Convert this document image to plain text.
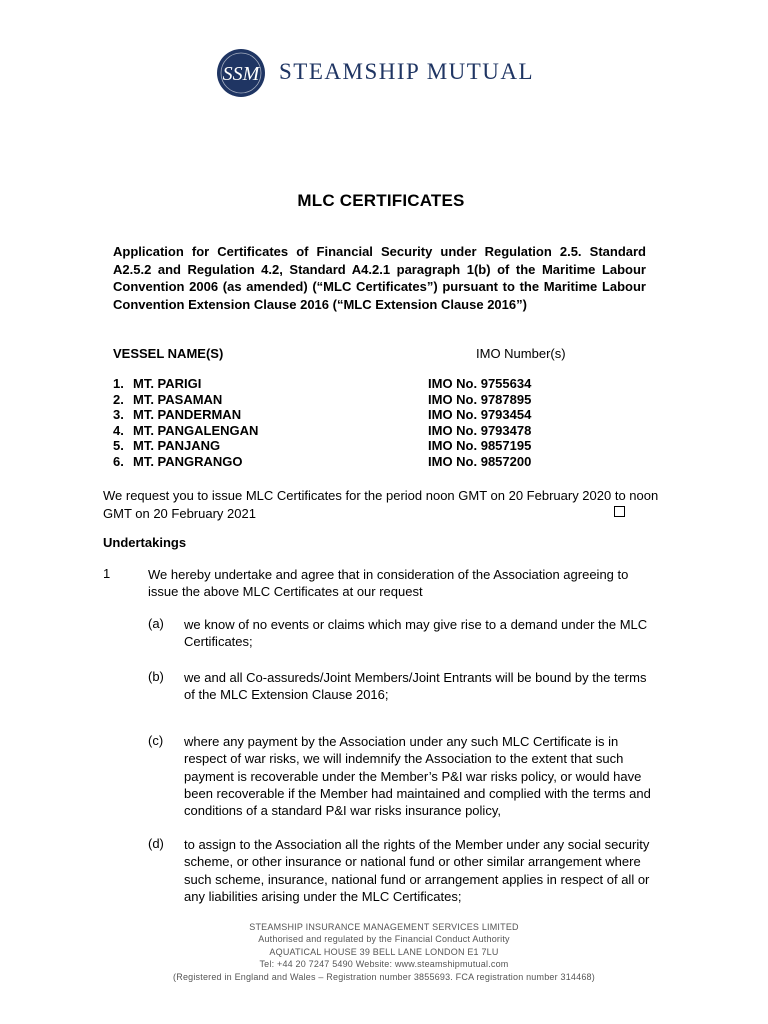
SSM STEAMSHIP MUTUAL
MLC CERTIFICATES

Application for Certificates of Financial Security under Regulation 2.5. Standard A2.5.2 and Regulation 4.2, Standard A4.2.1 paragraph 1(b) of the Maritime Labour Convention 2006 (as amended) (“MLC Certificates”) pursuant to the Maritime Labour Convention Extension Clause 2016 (“MLC Extension Clause 2016”)

VESSEL NAME(S)	IMO Number(s)
1. MT. PARIGI	IMO No. 9755634
2. MT. PASAMAN	IMO No. 9787895
3. MT. PANDERMAN	IMO No. 9793454
4. MT. PANGALENGAN	IMO No. 9793478
5. MT. PANJANG	IMO No. 9857195
6. MT. PANGRANGO	IMO No. 9857200
We request you to issue MLC Certificates for the period noon GMT on 20 February 2020 to noon GMT on 20 February 2021
Undertakings
1	We hereby undertake and agree that in consideration of the Association agreeing to issue the above MLC Certificates at our request
(a) we know of no events or claims which may give rise to a demand under the MLC Certificates;
(b) we and all Co-assureds/Joint Members/Joint Entrants will be bound by the terms of the MLC Extension Clause 2016;
(c) where any payment by the Association under any such MLC Certificate is in respect of war risks, we will indemnify the Association to the extent that such payment is recoverable under the Member’s P&I war risks policy, or would have been recoverable if the Member had maintained and complied with the terms and conditions of a standard P&I war risks insurance policy,
(d) to assign to the Association all the rights of the Member under any social security scheme, or other insurance or national fund or other similar arrangement where such scheme, insurance, national fund or arrangement applies in respect of all or any liabilities arising under the MLC Certificates;
STEAMSHIP INSURANCE MANAGEMENT SERVICES LIMITED
Authorised and regulated by the Financial Conduct Authority
AQUATICAL HOUSE 39 BELL LANE LONDON E1 7LU
Tel: +44 20 7247 5490 Website: www.steamshipmutual.com
(Registered in England and Wales – Registration number 3855693. FCA registration number 314468)
